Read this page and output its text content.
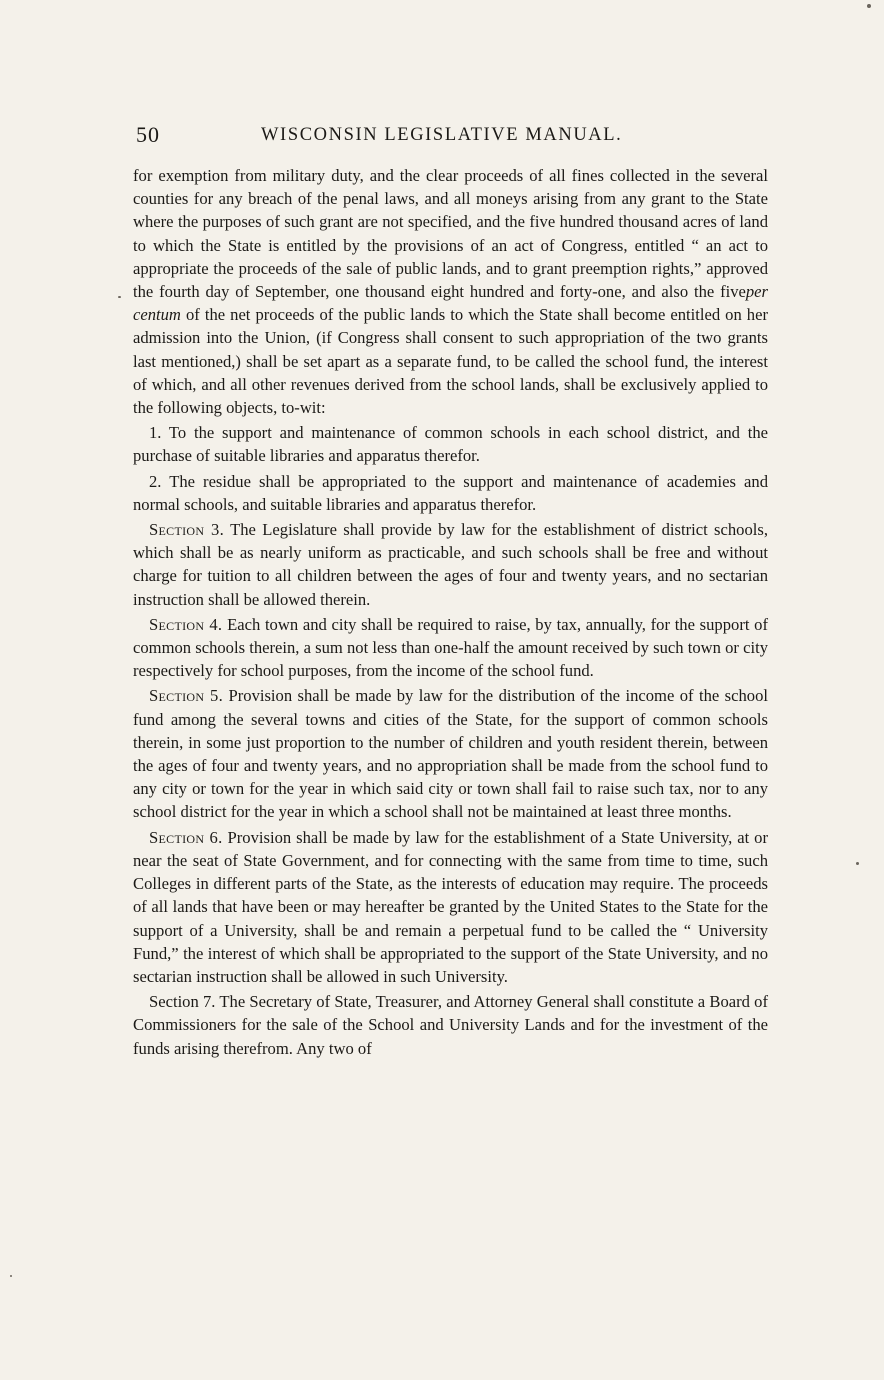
50	WISCONSIN LEGISLATIVE MANUAL.

for exemption from military duty, and the clear proceeds of all fines collected in the several counties for any breach of the penal laws, and all moneys arising from any grant to the State where the purposes of such grant are not specified, and the five hundred thousand acres of land to which the State is entitled by the provisions of an act of Congress, entitled “ an act to appropriate the proceeds of the sale of public lands, and to grant preemption rights,” approved the fourth day of September, one thousand eight hundred and forty-one, and also the fiveper centum of the net proceeds of the public lands to which the State shall become entitled on her admission into the Union, (if Congress shall consent to such appropriation of the two grants last mentioned,) shall be set apart as a separate fund, to be called the school fund, the interest of which, and all other revenues derived from the school lands, shall be exclusively applied to the following objects, to-wit:

1. To the support and maintenance of common schools in each school district, and the purchase of suitable libraries and apparatus therefor.

2. The residue shall be appropriated to the support and maintenance of academies and normal schools, and suitable libraries and apparatus therefor.

Section 3. The Legislature shall provide by law for the establishment of district schools, which shall be as nearly uniform as practicable, and such schools shall be free and without charge for tuition to all children between the ages of four and twenty years, and no sectarian instruction shall be allowed therein.

Section 4. Each town and city shall be required to raise, by tax, annually, for the support of common schools therein, a sum not less than one-half the amount received by such town or city respectively for school purposes, from the income of the school fund.

Section 5. Provision shall be made by law for the distribution of the income of the school fund among the several towns and cities of the State, for the support of common schools therein, in some just proportion to the number of children and youth resident therein, between the ages of four and twenty years, and no appropriation shall be made from the school fund to any city or town for the year in which said city or town shall fail to raise such tax, nor to any school district for the year in which a school shall not be maintained at least three months.

Section 6. Provision shall be made by law for the establishment of a State University, at or near the seat of State Government, and for connecting with the same from time to time, such Colleges in different parts of the State, as the interests of education may require. The proceeds of all lands that have been or may hereafter be granted by the United States to the State for the support of a University, shall be and remain a perpetual fund to be called the “ University Fund,” the interest of which shall be appropriated to the support of the State University, and no sectarian instruction shall be allowed in such University.

Section 7. The Secretary of State, Treasurer, and Attorney General shall constitute a Board of Commissioners for the sale of the School and University Lands and for the investment of the funds arising therefrom. Any two of
